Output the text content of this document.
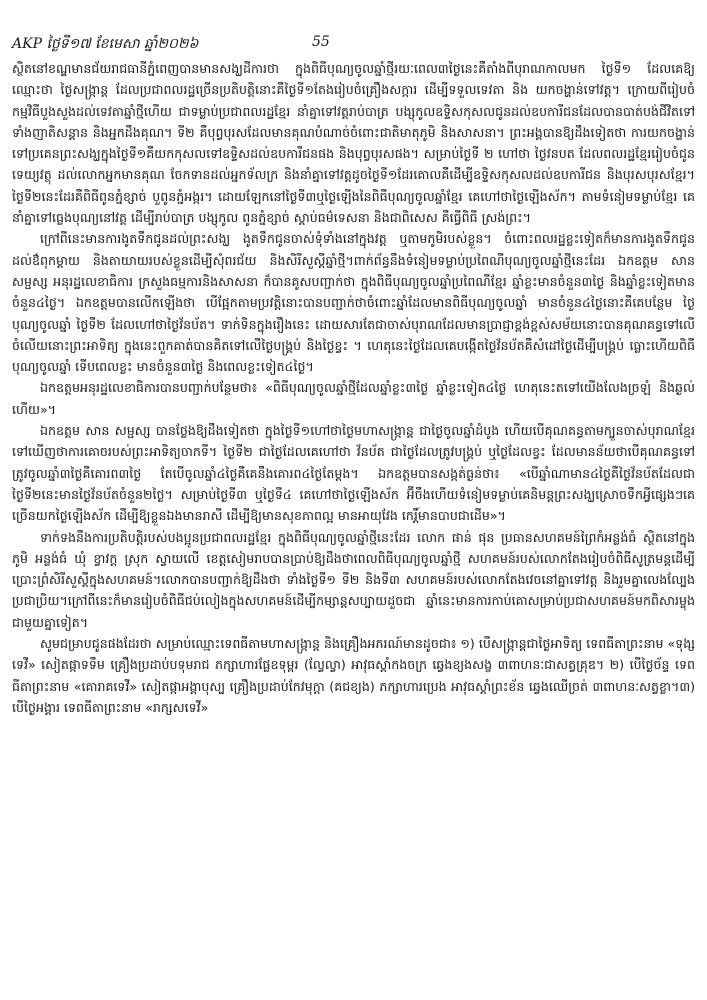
AKP ថ្ងៃទី១៧ ខែមេសា ឆ្នាំ២០២៦	55

ស្ថិតនៅខណ្ឌមានជ័យរាជធានីភ្នំពេញបានមានសង្ឃដីការថា ក្នុងពិធីបុណ្យចូលឆ្នាំថ្មីរយៈពេល៣ថ្ងៃនេះគឺតាំងពីបុរាណកាលមក ថ្ងៃទី១ ដែលគេឱ្យឈ្មោះថា ថ្ងៃសង្ក្រាន្ត ដែលប្រជាពលរដ្ឋច្រើនប្រតិបត្តិនោះគឺថ្ងៃទី១តែងរៀបចំគ្រឿងសក្ការ ដើម្បីទទួលទេវតា និង យកចង្ហាន់ទៅវត្ត។ ក្រោយពីរៀបចំកម្មវិធីបួងសួងដល់ទេវតាឆ្នាំថ្មីហើយ ជាទម្លាប់ប្រជាពលរដ្ឋខ្មែរ នាំគ្នាទៅវត្តរាប់បាត្រ បង្សុកូលឧទ្ទិសកុសលជូនដល់ឧបការីជនដែលបានបាត់បង់ជីវិតទៅទាំងញាតិសន្តាន និងអ្នកដឹងគុណ។ ទី២ គឺបុព្វបុរសដែលមានគុណបំណាច់ចំពោះជាតិមាតុភូមិ និងសាសនា។ ព្រះអង្គបានឱ្យដឹងទៀតថា ការយកចង្ហាន់ទៅប្រគេនព្រះសង្ឃក្នុងថ្ងៃទី១គឺយកកុសលទៅឧទ្ទិសដល់ឧបការីជនផង និងបុព្វបុរសផង។ សម្រាប់ថ្ងៃទី ២ ហៅថា ថ្ងៃវនបត ដែលពលរដ្ឋខ្មែររៀបចំជូនទេយ្យវត្ថុ ដល់លោកអ្នកមានគុណ ចែកទានដល់អ្នកទ័លក្រ និងនាំគ្នាទៅវត្តដូចថ្ងៃទី១ដែរគោលគឺដើម្បីឧទ្ទិសកុសលដល់ឧបការីជន និងបុរសបុរសខ្មែរ។ ថ្ងៃទី២នេះដែរគឺពិធីពូនភ្នំខ្សាច់ បួពូនភ្នំអង្ករ។ ដោយឡែកនៅថ្ងៃទី៣ឬថ្ងៃឡើងនៃពិធីបុណ្យចូលឆ្នាំខ្មែរ គេហៅថាថ្ងៃឡើងស័ក។ តាមទំនៀមទម្លាប់ខ្មែរ គេនាំគ្នាទៅធ្លេងបុណ្យនៅវត្ត ដើម្បីរាប់បាត្រ បង្សុកូល ពូនភ្នំខ្សាច់ ស្ដាប់ធម៌ទេសនា និងជាពិសេស គឺធ្វើពិធី ស្រង់ព្រះ។

ក្រៅពីនេះមានការងូតទឹកជូនដល់ព្រះសង្ឃ ងូតទឹកជូនចាស់ទុំទាំងនៅក្នុងវត្ត ឬតាមភូមិរបស់ខ្លួន។ ចំពោះពលរដ្ឋខ្លះទៀតក៏មានការងូតទឹកជូនដល់ឳពុកម្ដាយ និងតាយាយរបស់ខ្លួនដើម្បីសុំពរជ័យ និងសិរីសួស្ដីឆ្នាំថ្មី។ពាក់ព័ន្ធនឹងទំនៀមទម្លាប់ប្រពៃណីបុណ្យចូលឆ្នាំថ្មីនេះដែរ ឯកឧត្តម សាន សម្ផស្ស អនុរដ្ឋលេខាធិការ ក្រសួងធម្មការនិងសាសនា ក៏បានគូសបញ្ជាក់ថា ក្នុងពិធីបុណ្យចូលឆ្នាំប្រពៃណីខ្មែរ ឆ្នាំខ្លះមានចំនួន៣ថ្ងៃ និងឆ្នាំខ្លះទៀតមានចំនួន៤ថ្ងៃ។ ឯកឧត្តមបានលើកឡើងថា បើផ្អែកតាមប្រវត្តិនោះបានបញ្ជាក់ថាចំពោះឆ្នាំដែលមានពិធីបុណ្យចូលឆ្នាំ មានចំនួន៤ថ្ងៃនោះគឺគេបន្ថែម ថ្ងៃបុណ្យចូលឆ្នាំ ថ្ងៃទី២ ដែលហៅថាថ្ងៃវ័នប័ត។ ទាក់ទិនក្នុងរឿងនេះ ដោយសារតែជាចាស់បុរាណដែលមានប្រាជ្ញាខ្ពង់ខ្ពស់សម័យនោះបានគុណគន្ធទៅលើចំលើយនោះព្រះអាទិត្យ ក្នុងនេះពួកគាត់បានគិតទៅលើថ្ងៃបង្គ្រប់ និងថ្ងៃខ្វះ ។ ហេតុនេះថ្ងៃដែលគេបង្កើតថ្ងៃវ័នប័តគឺសំដៅថ្ងៃដើម្បីបង្គ្រប់ ធ្លោះហើយពិធីបុណ្យចូលឆ្នាំ ទើបពេលខ្លះ មានចំនួន៣ថ្ងៃ និងពេលខ្លះទៀត៤ថ្ងៃ។

ឯកឧត្តមអនុរដ្ឋលេខាធិការបានបញ្ជាក់បន្ថែមថា៖ «ពិធីបុណ្យចូលឆ្នាំថ្មីដែលឆ្នាំខ្លះ៣ថ្ងៃ ឆ្នាំខ្លះទៀត៤ថ្ងៃ ហេតុនេះតទៅយើងលែងច្រឡំ និងឆ្ងល់ហើយ»។

ឯកឧត្តម សាន សម្ផស្ស បានថ្លែងឱ្យដឹងទៀតថា ក្នុងថ្ងៃទី១ហៅថាថ្ងៃមហាសង្ក្រាន្ត ជាថ្ងៃចូលឆ្នាំដំបូង ហើយបើគុណគន្ធតាមក្បួនចាស់បុរាណខ្មែរទៅឃើញថាការគោចរបស់ព្រះអាទិត្យចាកទី។ ថ្ងៃទី២ ជាថ្ងៃដែលគេហៅថា វ័នប័ត ជាថ្ងៃដែលត្រូវបង្គ្រប់ ឬថ្ងៃដែលខ្វះ ដែលមានន័យថាបើគុណគន្ធទៅត្រូវចូលឆ្នាំ៣ថ្ងៃគឺគោរព៣ថ្ងៃ តែបើចូលឆ្នាំ៤ថ្ងៃគឺគេនឹងគោរព៤ថ្ងៃតែម្ដង។ ឯកឧត្តមបានសង្កត់ធ្ងន់ថា៖ «បើឆ្នាំណាមាន៤ថ្ងៃគឺថ្ងៃវ័នប័តដែលជាថ្ងៃទី២នេះមានថ្ងៃវ័នប័តចំនួន២ថ្ងៃ។ សម្រាប់ថ្ងៃទី៣ ឬថ្ងៃទី៤ គេហៅថាថ្ងៃឡើងស័ក អ៊ីចឹងហើយទំនៀមទម្លាប់គេនិមន្តព្រះសង្ឃស្រោចទឹកអ្វីផ្សេងៗគេច្រើនយកថ្ងៃឡើងស័ក ដើម្បីឱ្យខ្លួនឯងមានរាសី ដើម្បីឱ្យមានសុខភាពល្អ មានអាយុវែង កេរ្តិ៍មានបាបជាដើម»។

ទាក់ទងនឹងការប្រតិបត្តិរបស់បងប្អូនប្រជាពលរដ្ឋខ្មែរ ក្នុងពិធីបុណ្យចូលឆ្នាំថ្មីនេះដែរ លោក ផាន់ ផុន ប្រធានសហគមន៍ព្រៃកំអន្លង់ធំ ស្ថិតនៅក្នុងភូមិ អន្លង់ធំ ឃុំ ខ្វាវក្ត ស្រុក ស្វាយលើ ខេត្តសៀមរាបបានប្រាប់ឱ្យដឹងថាពេលពិធីបុណ្យចូលឆ្នាំថ្មី សហគមន៍របស់លោកតែងរៀបចំពិធីសូត្រមន្តដើម្បីប្រោះព្រំសិរីសួស្ដីក្នុងសហគមន៍។លោកបានបញ្ជាក់ឱ្យដឹងថា ទាំងថ្ងៃទី១ ទី២ និងទី៣ សហគមន៍របស់លោកតែងវេចនៅគ្នាទៅវត្ត និងរួមគ្នាលេងល្បែងប្រជាប្រិយ។ក្រៅពីនេះក៏មានរៀបចំពិធីជប់លៀងក្នុងសហគមន៍ដើម្បីកម្សាន្តសប្បាយដួចជា ឆ្នាំនេះមានការកាប់គោសម្រាប់ប្រជាសហគមន៍មកពិសារម្ចុងជាមួយគ្នាទៀត។

សូមជម្រាបជូនផងដែរថា សម្រាប់ឈ្មោះទេពធីតាមហាសង្ក្រាន្ត និងគ្រឿងអភរណ៍មានដូចជា៖ ១) បើសង្ក្រាន្តជាថ្ងៃអាទិត្យ ទេពធីតាព្រះនាម «ទុង្សទេវី» សៀតផ្កាទទឹម គ្រឿងប្រដាប់បទុមរាជ ភក្សាហារផ្លែឧទុម្ពរ (ល្វែល្វា) អាវុធស្ដាំកងចក្រ ឆ្វេងខ្យងសង្ខ ៣ពាហនៈជាសត្វគ្រុឌ។ ២) បើថ្ងៃច័ន្ទ ទេពធីតាព្រះនាម «គោរាគទេវី» សៀតផ្កាអង្គាបុស្ប គ្រឿងប្រដាប់កែវមុក្តា (គជខ្យង) ភក្សាហារប្រេង អាវុធស្ដាំព្រះខ័ន ឆ្វេងឈើច្រត់ ៣ពាហនៈសត្វខ្លា។៣) បើថ្ងៃអង្គារ ទេពធីតាព្រះនាម «រាក្សសទេវី»
